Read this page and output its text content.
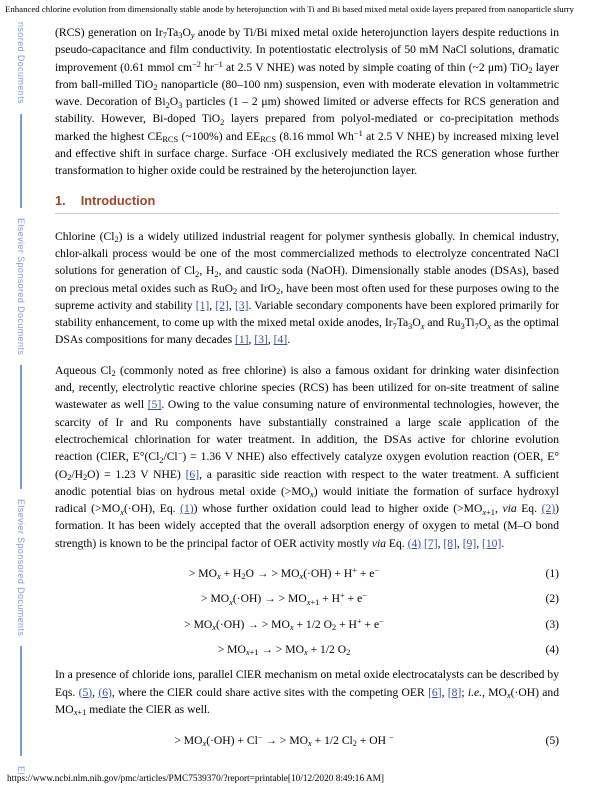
Enhanced chlorine evolution from dimensionally stable anode by heterojunction with Ti and Bi based mixed metal oxide layers prepared from nanoparticle slurry
nsored Documents
Elsevier Sponsored Documents
Elsevier Sponsored Documents
El

(RCS) generation on $Ir_7Ta_3O_y$ anode by Ti/Bi mixed metal oxide heterojunction layers despite reductions in pseudo-capacitance and film conductivity. In potentiostatic electrolysis of 50 mM NaCl solutions, dramatic improvement (0.61 mmol $cm^{-2}$ $hr^{-1}$ at 2.5 V NHE) was noted by simple coating of thin (~2 μm) TiO$_2$ layer from ball-milled TiO$_2$ nanoparticle (80–100 nm) suspension, even with moderate elevation in voltammetric wave. Decoration of $Bi_2O_3$ particles (1 – 2 μm) showed limited or adverse effects for RCS generation and stability. However, Bi-doped TiO$_2$ layers prepared from polyol-mediated or co-precipitation methods marked the highest $CE_{RCS}$ (~100%) and $EE_{RCS}$ (8.16 mmol $Wh^{-1}$ at 2.5 V NHE) by increased mixing level and effective shift in surface charge. Surface ·OH exclusively mediated the RCS generation whose further transformation to higher oxide could be restrained by the heterojunction layer.

1. Introduction

Chlorine $(Cl_2)$ is a widely utilized industrial reagent for polymer synthesis globally. In chemical industry, chlor-alkali process would be one of the most commercialized methods to electrolyze concentrated NaCl solutions for generation of $Cl_2$, $H_2$, and caustic soda (NaOH). Dimensionally stable anodes (DSAs), based on precious metal oxides such as RuO$_2$ and IrO$_2$, have been most often used for these purposes owing to the supreme activity and stability [1], [2], [3]. Variable secondary components have been explored primarily for stability enhancement, to come up with the mixed metal oxide anodes, $Ir_7Ta_3O_x$ and $Ru_3Ti_7O_x$ as the optimal DSAs compositions for many decades [1], [3], [4].

Aqueous $Cl_2$ (commonly noted as free chlorine) is also a famous oxidant for drinking water disinfection and, recently, electrolytic reactive chlorine species (RCS) has been utilized for on-site treatment of saline wastewater as well [5]. Owing to the value consuming nature of environmental technologies, however, the scarcity of Ir and Ru components have substantially constrained a large scale application of the electrochemical chlorination for water treatment. In addition, the DSAs active for chlorine evolution reaction (ClER, $E^\circ(Cl_2/Cl^-) = 1.36$ V NHE) also effectively catalyze oxygen evolution reaction (OER, E° $(O_2/H_2O) = 1.23$ V NHE) [6], a parasitic side reaction with respect to the water treatment. A sufficient anodic potential bias on hydrous metal oxide $(>MO_x)$ would initiate the formation of surface hydroxyl radical ($>MO_x(\cdot OH)$, Eq. (1)) whose further oxidation could lead to higher oxide ($>MO_{x+1}$, via Eq. (2)) formation. It has been widely accepted that the overall adsorption energy of oxygen to metal (M–O bond strength) is known to be the principal factor of OER activity mostly via Eq. (4) [7], [8], [9], [10].

> $MO_x + H_2O$ → > $MO_x(\cdot OH) + H^+ + e^-$	(1)
> $MO_x(\cdot OH)$ → > $MO_{x+1} + H^+ + e^-$	(2)
> $MO_x(\cdot OH)$ → > $MO_x + 1/2$ $O_2 + H^+ + e^-$	(3)
> $MO_{x+1}$ → > $MO_x + 1/2$ $O_2$	(4)

In a presence of chloride ions, parallel ClER mechanism on metal oxide electrocatalysts can be described by Eqs. (5), (6), where the ClER could share active sites with the competing OER [6], [8]; i.e., $MO_x(\cdot OH)$ and $MO_{x+1}$ mediate the ClER as well.

> $MO_x(\cdot OH) + Cl^-$ → > $MO_x + 1/2$ $Cl_2$ + OH −	(5)
https://www.ncbi.nlm.nih.gov/pmc/articles/PMC7539370/?report=printable[10/12/2020 8:49:16 AM]
